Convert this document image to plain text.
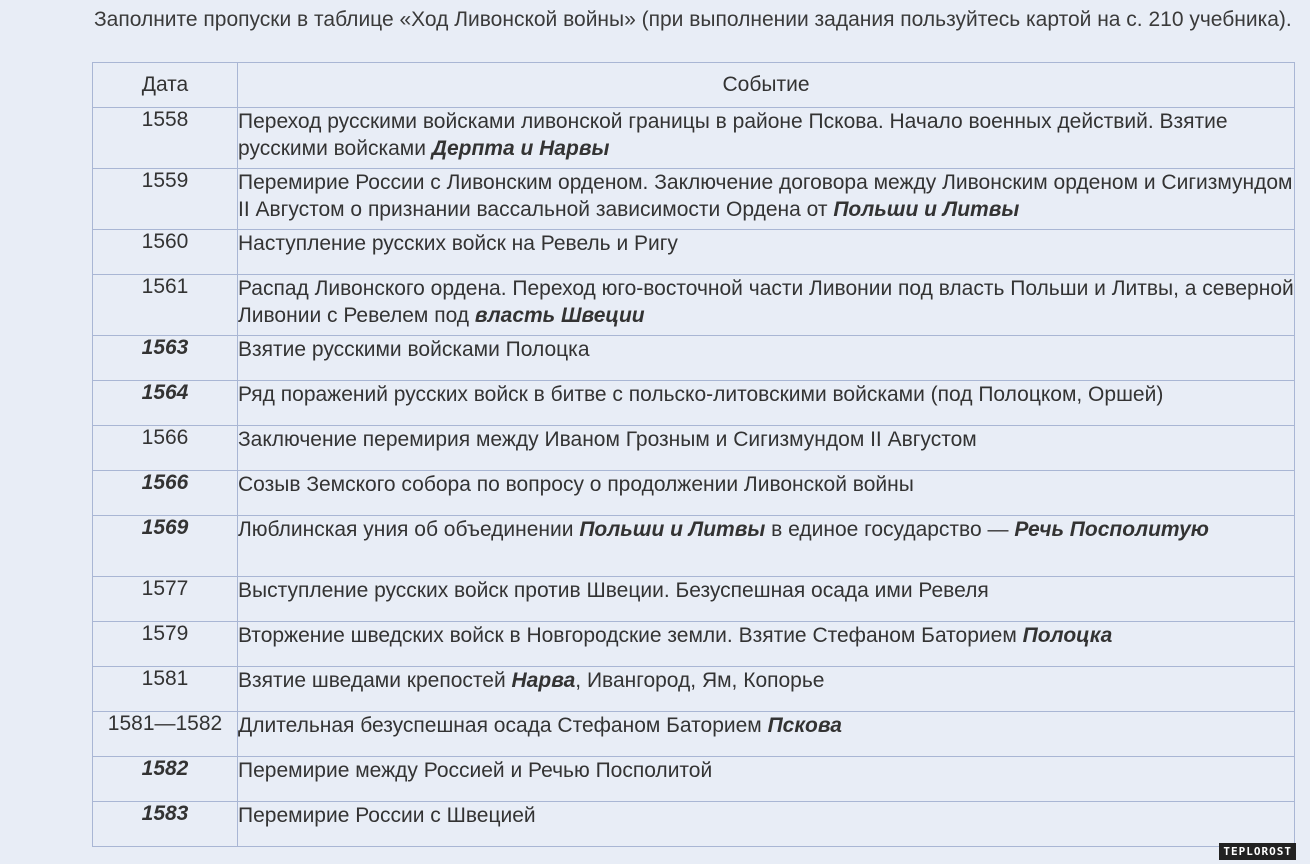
Заполните пропуски в таблице «Ход Ливонской войны» (при выполнении задания пользуйтесь картой на с. 210 учебника).

Дата	Событие
1558	Переход русскими войсками ливонской границы в районе Пскова. Начало военных действий. Взятие русскими войсками Дерпта и Нарвы
1559	Перемирие России с Ливонским орденом. Заключение договора между Ливонским орденом и Сигизмундом II Августом о признании вассальной зависимости Ордена от Польши и Литвы
1560	Наступление русских войск на Ревель и Ригу
1561	Распад Ливонского ордена. Переход юго-восточной части Ливонии под власть Польши и Литвы, а северной Ливонии с Ревелем под власть Швеции
1563	Взятие русскими войсками Полоцка
1564	Ряд поражений русских войск в битве с польско-литовскими войсками (под Полоцком, Оршей)
1566	Заключение перемирия между Иваном Грозным и Сигизмундом II Августом
1566	Созыв Земского собора по вопросу о продолжении Ливонской войны
1569	Люблинская уния об объединении Польши и Литвы в единое государство — Речь Посполитую
1577	Выступление русских войск против Швеции. Безуспешная осада ими Ревеля
1579	Вторжение шведских войск в Новгородские земли. Взятие Стефаном Баторием Полоцка
1581	Взятие шведами крепостей Нарва, Ивангород, Ям, Копорье
1581—1582	Длительная безуспешная осада Стефаном Баторием Пскова
1582	Перемирие между Россией и Речью Посполитой
1583	Перемирие России с Швецией
TEPLOROST
